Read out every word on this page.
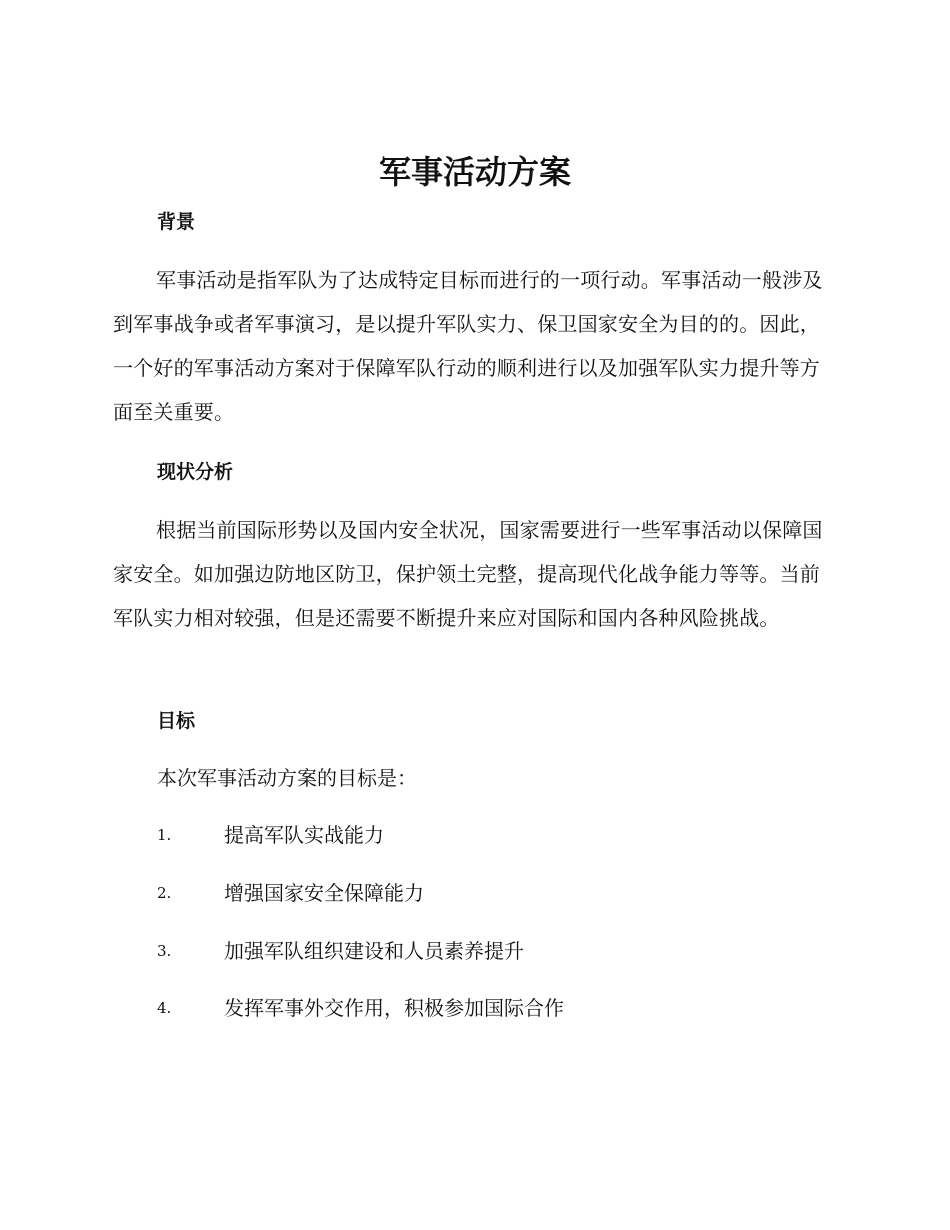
军事活动方案
背景
军事活动是指军队为了达成特定目标而进行的一项行动。军事活动一般涉及到军事战争或者军事演习，是以提升军队实力、保卫国家安全为目的的。因此，一个好的军事活动方案对于保障军队行动的顺利进行以及加强军队实力提升等方面至关重要。
现状分析
根据当前国际形势以及国内安全状况，国家需要进行一些军事活动以保障国家安全。如加强边防地区防卫，保护领土完整，提高现代化战争能力等等。当前军队实力相对较强，但是还需要不断提升来应对国际和国内各种风险挑战。
目标
本次军事活动方案的目标是：
1.	提高军队实战能力
2.	增强国家安全保障能力
3.	加强军队组织建设和人员素养提升
4.	发挥军事外交作用，积极参加国际合作
